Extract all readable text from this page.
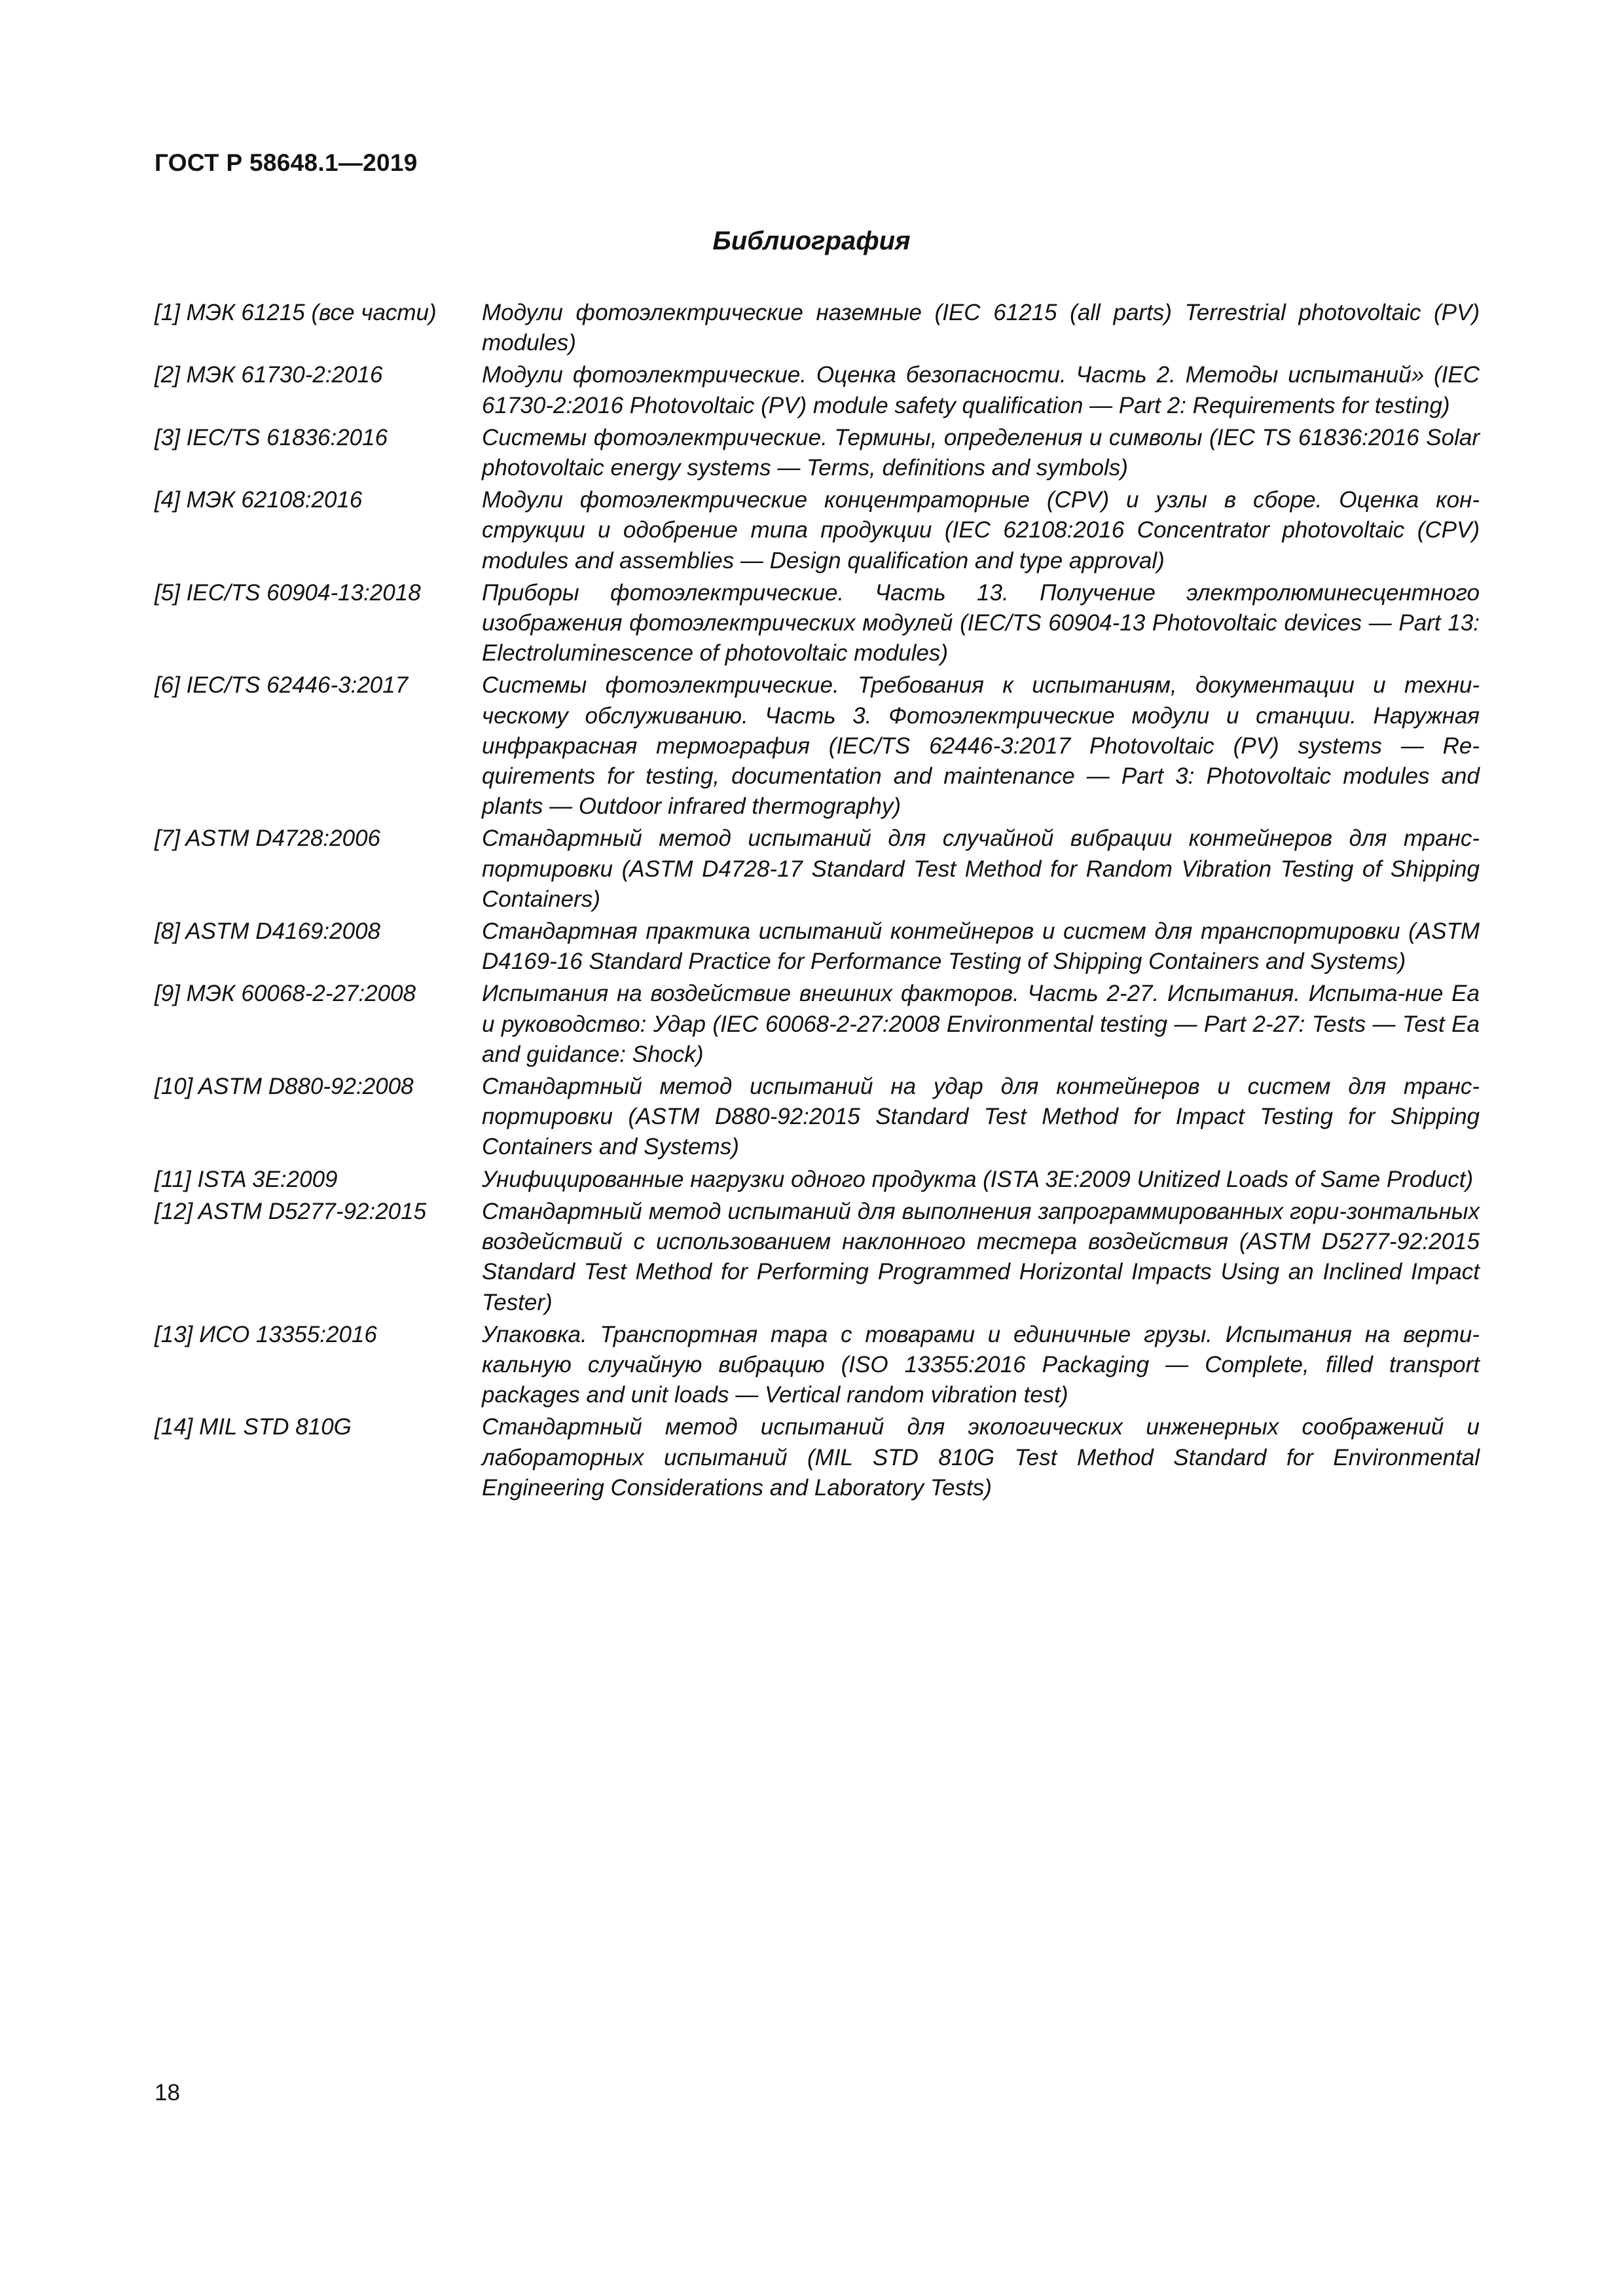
ГОСТ Р 58648.1—2019
Библиография
[1] МЭК 61215 (все части)	Модули фотоэлектрические наземные (IEC 61215 (all parts) Terrestrial photovoltaic (PV) modules)
[2] МЭК 61730-2:2016	Модули фотоэлектрические. Оценка безопасности. Часть 2. Методы испытаний» (IEC 61730-2:2016 Photovoltaic (PV) module safety qualification — Part 2: Requirements for testing)
[3] IEC/TS 61836:2016	Системы фотоэлектрические. Термины, определения и символы (IEC TS 61836:2016 Solar photovoltaic energy systems — Terms, definitions and symbols)
[4] МЭК 62108:2016	Модули фотоэлектрические концентраторные (CPV) и узлы в сборе. Оценка кон-струкции и одобрение типа продукции (IEC 62108:2016 Concentrator photovoltaic (CPV) modules and assemblies — Design qualification and type approval)
[5] IEC/TS 60904-13:2018	Приборы фотоэлектрические. Часть 13. Получение электролюминесцентного изображения фотоэлектрических модулей (IEC/TS 60904-13 Photovoltaic devices — Part 13: Electroluminescence of photovoltaic modules)
[6] IEC/TS 62446-3:2017	Системы фотоэлектрические. Требования к испытаниям, документации и техни-ческому обслуживанию. Часть 3. Фотоэлектрические модули и станции. Наружная инфракрасная термография (IEC/TS 62446-3:2017 Photovoltaic (PV) systems — Re-quirements for testing, documentation and maintenance — Part 3: Photovoltaic modules and plants — Outdoor infrared thermography)
[7] ASTM D4728:2006	Стандартный метод испытаний для случайной вибрации контейнеров для транс-портировки (ASTM D4728-17 Standard Test Method for Random Vibration Testing of Shipping Containers)
[8] ASTM D4169:2008	Стандартная практика испытаний контейнеров и систем для транспортировки (ASTM D4169-16 Standard Practice for Performance Testing of Shipping Containers and Systems)
[9] МЭК 60068-2-27:2008	Испытания на воздействие внешних факторов. Часть 2-27. Испытания. Испыта-ние Ea и руководство: Удар (IEC 60068-2-27:2008 Environmental testing — Part 2-27: Tests — Test Ea and guidance: Shock)
[10] ASTM D880-92:2008	Стандартный метод испытаний на удар для контейнеров и систем для транс-портировки (ASTM D880-92:2015 Standard Test Method for Impact Testing for Shipping Containers and Systems)
[11] ISTA 3E:2009	Унифицированные нагрузки одного продукта (ISTA 3E:2009 Unitized Loads of Same Product)
[12] ASTM D5277-92:2015	Стандартный метод испытаний для выполнения запрограммированных гори-зонтальных воздействий с использованием наклонного тестера воздействия (ASTM D5277-92:2015 Standard Test Method for Performing Programmed Horizontal Impacts Using an Inclined Impact Tester)
[13] ИСО 13355:2016	Упаковка. Транспортная тара с товарами и единичные грузы. Испытания на верти-кальную случайную вибрацию (ISO 13355:2016 Packaging — Complete, filled transport packages and unit loads — Vertical random vibration test)
[14] MIL STD 810G	Стандартный метод испытаний для экологических инженерных соображений и лабораторных испытаний (MIL STD 810G Test Method Standard for Environmental Engineering Considerations and Laboratory Tests)
18
